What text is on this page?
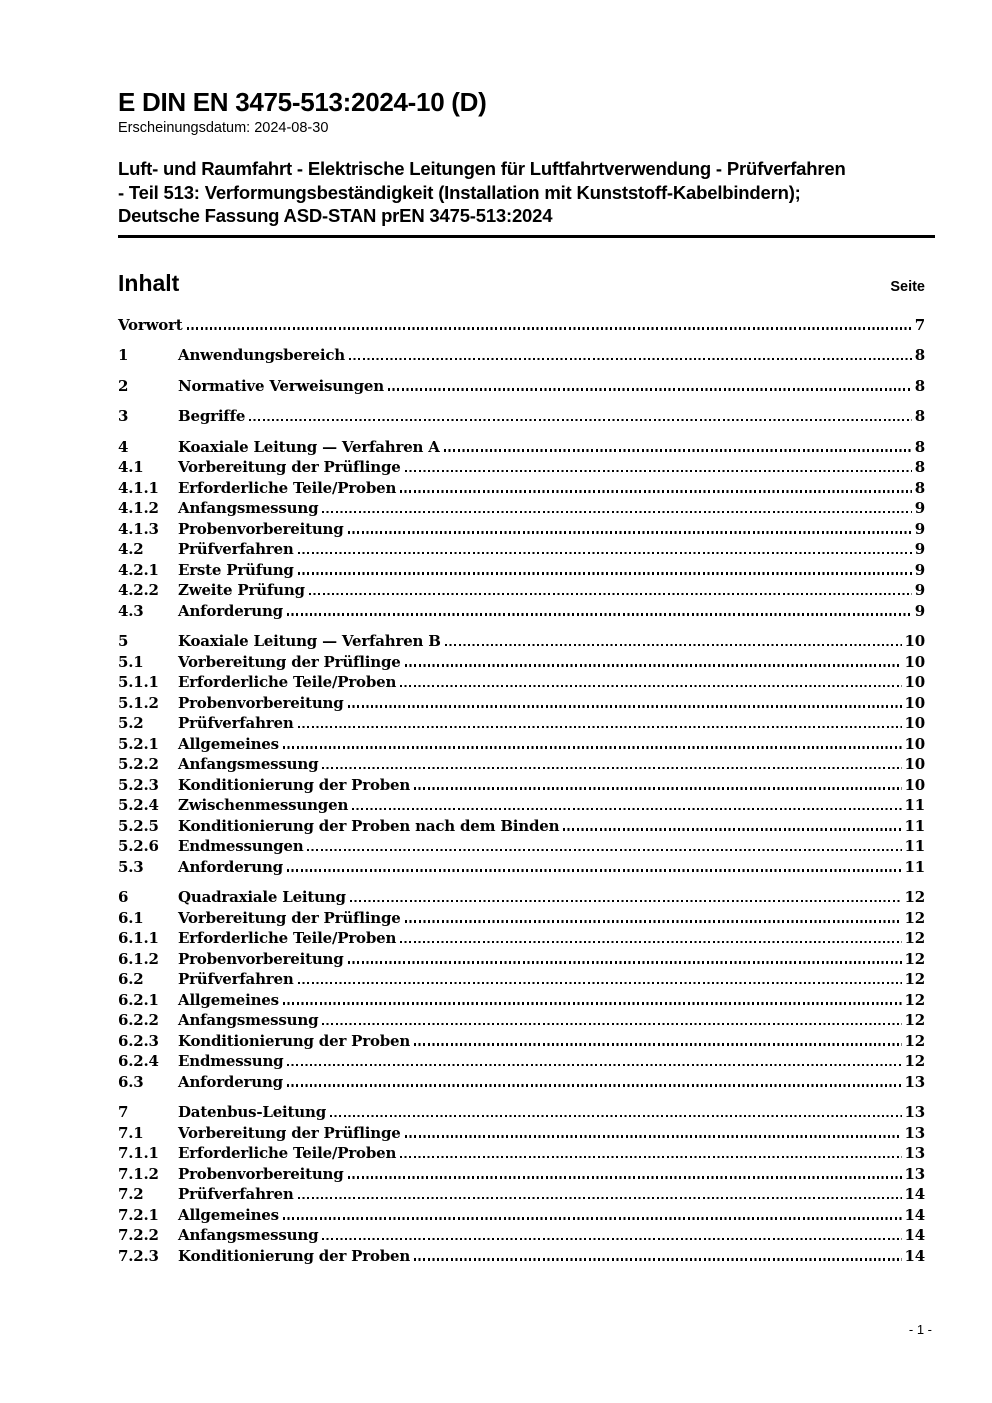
E DIN EN 3475-513:2024-10 (D)
Erscheinungsdatum: 2024-08-30
Luft- und Raumfahrt - Elektrische Leitungen für Luftfahrtverwendung - Prüfverfahren
- Teil 513: Verformungsbeständigkeit (Installation mit Kunststoff-Kabelbindern);
Deutsche Fassung ASD-STAN prEN 3475-513:2024
Inhalt	Seite
Vorwort	7
1	Anwendungsbereich	8
2	Normative Verweisungen	8
3	Begriffe	8
4	Koaxiale Leitung — Verfahren A	8
4.1	Vorbereitung der Prüflinge	8
4.1.1	Erforderliche Teile/Proben	8
4.1.2	Anfangsmessung	9
4.1.3	Probenvorbereitung	9
4.2	Prüfverfahren	9
4.2.1	Erste Prüfung	9
4.2.2	Zweite Prüfung	9
4.3	Anforderung	9
5	Koaxiale Leitung — Verfahren B	10
5.1	Vorbereitung der Prüflinge	10
5.1.1	Erforderliche Teile/Proben	10
5.1.2	Probenvorbereitung	10
5.2	Prüfverfahren	10
5.2.1	Allgemeines	10
5.2.2	Anfangsmessung	10
5.2.3	Konditionierung der Proben	10
5.2.4	Zwischenmessungen	11
5.2.5	Konditionierung der Proben nach dem Binden	11
5.2.6	Endmessungen	11
5.3	Anforderung	11
6	Quadraxiale Leitung	12
6.1	Vorbereitung der Prüflinge	12
6.1.1	Erforderliche Teile/Proben	12
6.1.2	Probenvorbereitung	12
6.2	Prüfverfahren	12
6.2.1	Allgemeines	12
6.2.2	Anfangsmessung	12
6.2.3	Konditionierung der Proben	12
6.2.4	Endmessung	12
6.3	Anforderung	13
7	Datenbus-Leitung	13
7.1	Vorbereitung der Prüflinge	13
7.1.1	Erforderliche Teile/Proben	13
7.1.2	Probenvorbereitung	13
7.2	Prüfverfahren	14
7.2.1	Allgemeines	14
7.2.2	Anfangsmessung	14
7.2.3	Konditionierung der Proben	14
- 1 -
